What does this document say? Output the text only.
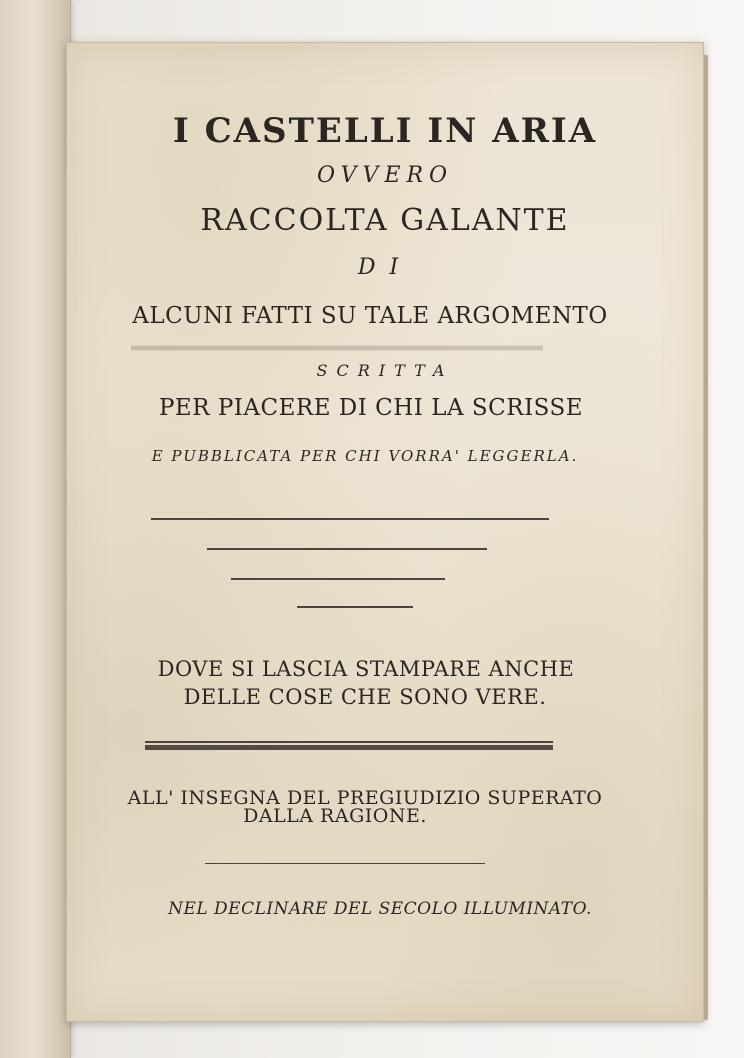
I CASTELLI IN ARIA
OVVERO
RACCOLTA GALANTE
DI
ALCUNI FATTI SU TALE ARGOMENTO
SCRITTA
PER PIACERE DI CHI LA SCRISSE
E PUBBLICATA PER CHI VORRA' LEGGERLA.
DOVE SI LASCIA STAMPARE ANCHE
DELLE COSE CHE SONO VERE.
ALL' INSEGNA DEL PREGIUDIZIO SUPERATO
DALLA RAGIONE.
NEL DECLINARE DEL SECOLO ILLUMINATO.
